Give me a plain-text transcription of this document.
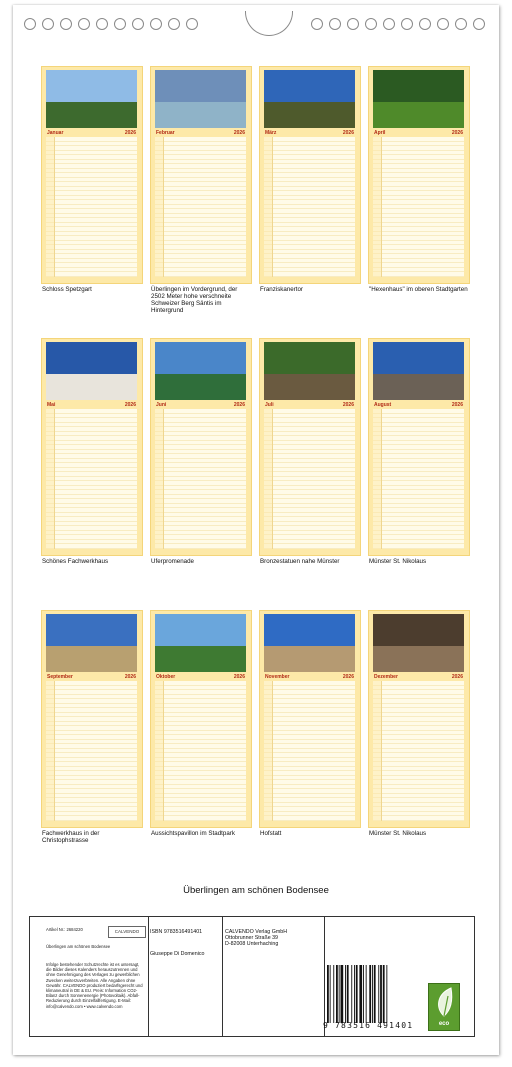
Januar	2026
Schloss Spetzgart
Februar	2026
Überlingen im Vordergrund, der 2502 Meter hohe verschneite Schweizer Berg Säntis im Hintergrund
März	2026
Franziskanertor
April	2026
"Hexenhaus" im oberen Stadtgarten
Mai	2026
Schönes Fachwerkhaus
Juni	2026
Uferpromenade
Juli	2026
Bronzestatuen nahe Münster
August	2026
Münster St. Nikolaus
September	2026
Fachwerkhaus in der Christophstrasse
Oktober	2026
Aussichtspavillon im Stadtpark
November	2026
Hofstatt
Dezember	2026
Münster St. Nikolaus
Überlingen am schönen Bodensee
Artikel Nr.: 2684220	CALVENDO
Überlingen am schönen Bodensee
Infolge bestehender Schutzrechte ist es untersagt, die Bilder dieses Kalenders herauszutrennen und ohne Genehmigung des Verlages zu gewerblichen Zwecken weiterzuverbreiten. Alle Angaben ohne Gewähr. CALVENDO produziert bedarfsgerecht und klimaneutral in DE & EU. Preis: Information CO2-Bilanz durch Sonnenenergie (Photovoltaik). Abfall-Reduzierung durch Einzelfallfertigung. E-Mail: info@calvendo.com • www.calvendo.com
ISBN 9783516491401
Giuseppe Di Domenico
CALVENDO Verlag GmbH
Ottobrunner Straße 39
D-82008 Unterhaching
9 783516 491401	eco
